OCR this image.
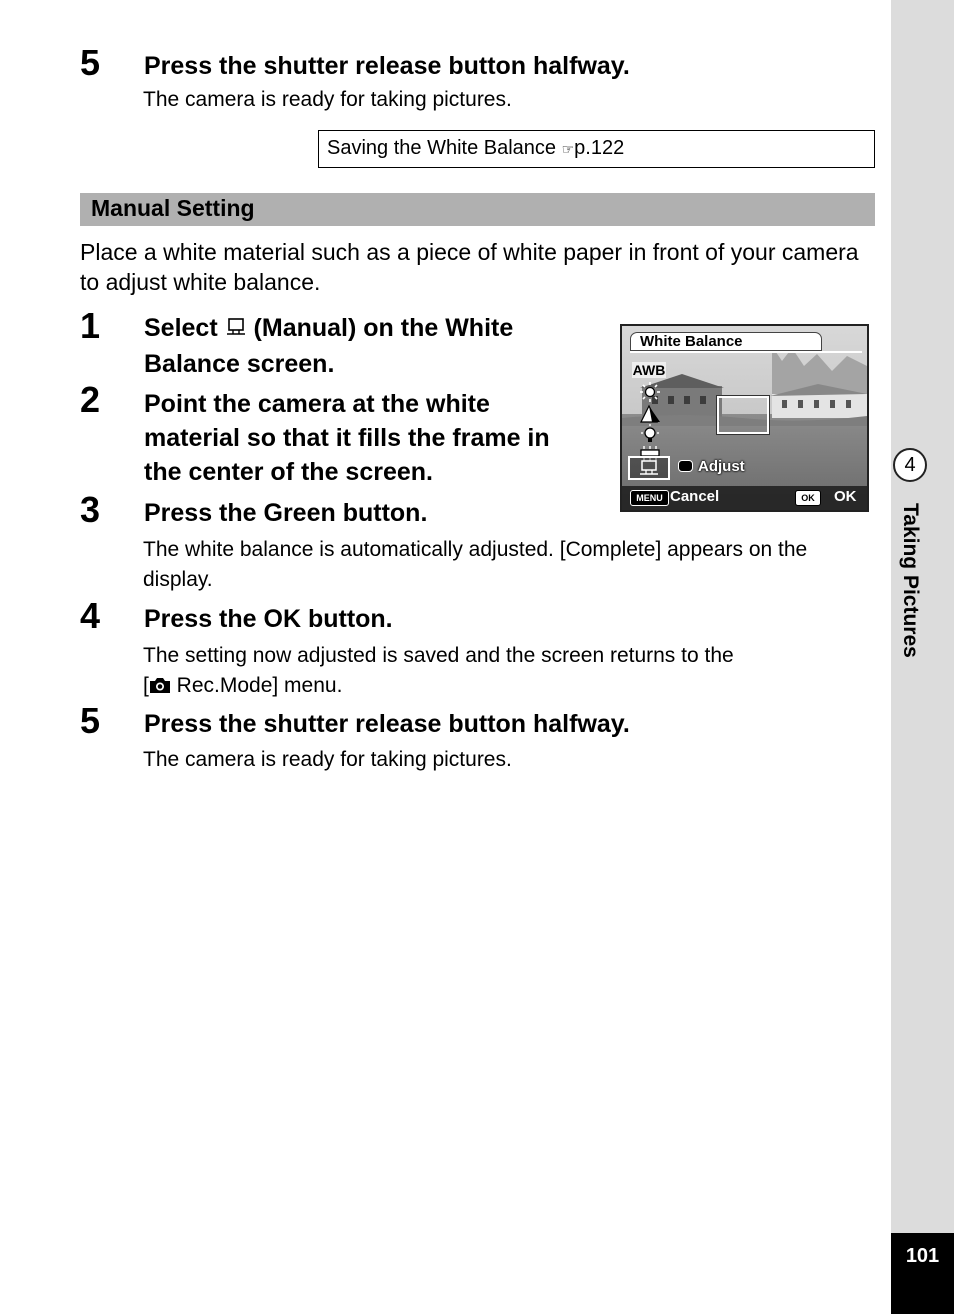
4
Taking Pictures
101
5 Press the shutter release button halfway.
The camera is ready for taking pictures.
Saving the White Balance ☞p.122
Manual Setting
Place a white material such as a piece of white paper in front of your camera to adjust white balance.
1 Select  (Manual) on the White
Balance screen.
2 Point the camera at the white
material so that it fills the frame in
the center of the screen.
3 Press the Green button.
The white balance is automatically adjusted. [Complete] appears on the display.
4 Press the OK button.
The setting now adjusted is saved and the screen returns to the
[ Rec.Mode] menu.
5 Press the shutter release button halfway.
The camera is ready for taking pictures.
White Balance
AWB
Adjust
MENU Cancel	OK	OK
